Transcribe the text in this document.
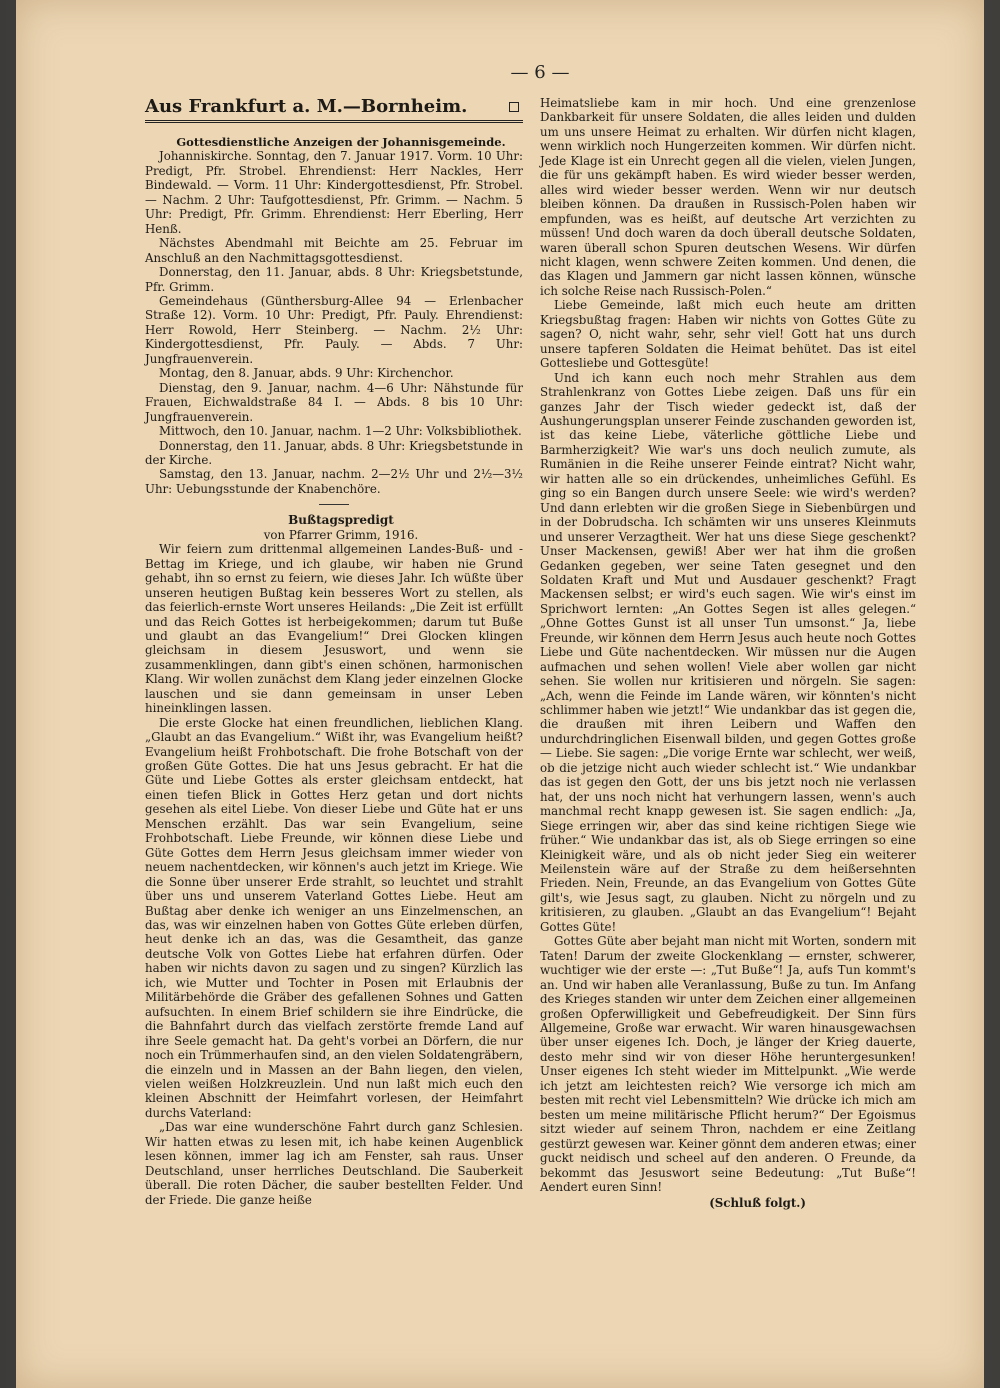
— 6 —
Aus Frankfurt a. M.—Bornheim.

Gottesdienstliche Anzeigen der Johannisgemeinde.

Johanniskirche. Sonntag, den 7. Januar 1917. Vorm. 10 Uhr: Predigt, Pfr. Strobel. Ehrendienst: Herr Nackles, Herr Bindewald. — Vorm. 11 Uhr: Kindergottesdienst, Pfr. Strobel. — Nachm. 2 Uhr: Taufgottesdienst, Pfr. Grimm. — Nachm. 5 Uhr: Predigt, Pfr. Grimm. Ehrendienst: Herr Eberling, Herr Henß.

Nächstes Abendmahl mit Beichte am 25. Februar im Anschluß an den Nachmittagsgottesdienst.

Donnerstag, den 11. Januar, abds. 8 Uhr: Kriegsbetstunde, Pfr. Grimm.

Gemeindehaus (Günthersburg-Allee 94 — Erlenbacher Straße 12). Vorm. 10 Uhr: Predigt, Pfr. Pauly. Ehrendienst: Herr Rowold, Herr Steinberg. — Nachm. 2½ Uhr: Kindergottesdienst, Pfr. Pauly. — Abds. 7 Uhr: Jungfrauenverein.

Montag, den 8. Januar, abds. 9 Uhr: Kirchenchor.

Dienstag, den 9. Januar, nachm. 4—6 Uhr: Nähstunde für Frauen, Eichwaldstraße 84 I. — Abds. 8 bis 10 Uhr: Jungfrauenverein.

Mittwoch, den 10. Januar, nachm. 1—2 Uhr: Volksbibliothek.

Donnerstag, den 11. Januar, abds. 8 Uhr: Kriegsbetstunde in der Kirche.

Samstag, den 13. Januar, nachm. 2—2½ Uhr und 2½—3½ Uhr: Uebungsstunde der Knabenchöre.

Bußtagspredigt

von Pfarrer Grimm, 1916.

Wir feiern zum drittenmal allgemeinen Landes-Buß- und -Bettag im Kriege, und ich glaube, wir haben nie Grund gehabt, ihn so ernst zu feiern, wie dieses Jahr. Ich wüßte über unseren heutigen Bußtag kein besseres Wort zu stellen, als das feierlich-ernste Wort unseres Heilands: „Die Zeit ist erfüllt und das Reich Gottes ist herbeigekommen; darum tut Buße und glaubt an das Evangelium!“ Drei Glocken klingen gleichsam in diesem Jesuswort, und wenn sie zusammenklingen, dann gibt's einen schönen, harmonischen Klang. Wir wollen zunächst dem Klang jeder einzelnen Glocke lauschen und sie dann gemeinsam in unser Leben hineinklingen lassen.

Die erste Glocke hat einen freundlichen, lieblichen Klang. „Glaubt an das Evangelium.“ Wißt ihr, was Evangelium heißt? Evangelium heißt Frohbotschaft. Die frohe Botschaft von der großen Güte Gottes. Die hat uns Jesus gebracht. Er hat die Güte und Liebe Gottes als erster gleichsam entdeckt, hat einen tiefen Blick in Gottes Herz getan und dort nichts gesehen als eitel Liebe. Von dieser Liebe und Güte hat er uns Menschen erzählt. Das war sein Evangelium, seine Frohbotschaft. Liebe Freunde, wir können diese Liebe und Güte Gottes dem Herrn Jesus gleichsam immer wieder von neuem nachentdecken, wir können's auch jetzt im Kriege. Wie die Sonne über unserer Erde strahlt, so leuchtet und strahlt über uns und unserem Vaterland Gottes Liebe. Heut am Bußtag aber denke ich weniger an uns Einzelmenschen, an das, was wir einzelnen haben von Gottes Güte erleben dürfen, heut denke ich an das, was die Gesamtheit, das ganze deutsche Volk von Gottes Liebe hat erfahren dürfen. Oder haben wir nichts davon zu sagen und zu singen? Kürzlich las ich, wie Mutter und Tochter in Posen mit Erlaubnis der Militärbehörde die Gräber des gefallenen Sohnes und Gatten aufsuchten. In einem Brief schildern sie ihre Eindrücke, die die Bahnfahrt durch das vielfach zerstörte fremde Land auf ihre Seele gemacht hat. Da geht's vorbei an Dörfern, die nur noch ein Trümmerhaufen sind, an den vielen Soldatengräbern, die einzeln und in Massen an der Bahn liegen, den vielen, vielen weißen Holzkreuzlein. Und nun laßt mich euch den kleinen Abschnitt der Heimfahrt vorlesen, der Heimfahrt durchs Vaterland:

„Das war eine wunderschöne Fahrt durch ganz Schlesien. Wir hatten etwas zu lesen mit, ich habe keinen Augenblick lesen können, immer lag ich am Fenster, sah raus. Unser Deutschland, unser herrliches Deutschland. Die Sauberkeit überall. Die roten Dächer, die sauber bestellten Felder. Und der Friede. Die ganze heiße

Heimatsliebe kam in mir hoch. Und eine grenzenlose Dankbarkeit für unsere Soldaten, die alles leiden und dulden um uns unsere Heimat zu erhalten. Wir dürfen nicht klagen, wenn wirklich noch Hungerzeiten kommen. Wir dürfen nicht. Jede Klage ist ein Unrecht gegen all die vielen, vielen Jungen, die für uns gekämpft haben. Es wird wieder besser werden, alles wird wieder besser werden. Wenn wir nur deutsch bleiben können. Da draußen in Russisch-Polen haben wir empfunden, was es heißt, auf deutsche Art verzichten zu müssen! Und doch waren da doch überall deutsche Soldaten, waren überall schon Spuren deutschen Wesens. Wir dürfen nicht klagen, wenn schwere Zeiten kommen. Und denen, die das Klagen und Jammern gar nicht lassen können, wünsche ich solche Reise nach Russisch-Polen.“

Liebe Gemeinde, laßt mich euch heute am dritten Kriegsbußtag fragen: Haben wir nichts von Gottes Güte zu sagen? O, nicht wahr, sehr, sehr viel! Gott hat uns durch unsere tapferen Soldaten die Heimat behütet. Das ist eitel Gottesliebe und Gottesgüte!

Und ich kann euch noch mehr Strahlen aus dem Strahlenkranz von Gottes Liebe zeigen. Daß uns für ein ganzes Jahr der Tisch wieder gedeckt ist, daß der Aushungerungsplan unserer Feinde zuschanden geworden ist, ist das keine Liebe, väterliche göttliche Liebe und Barmherzigkeit? Wie war's uns doch neulich zumute, als Rumänien in die Reihe unserer Feinde eintrat? Nicht wahr, wir hatten alle so ein drückendes, unheimliches Gefühl. Es ging so ein Bangen durch unsere Seele: wie wird's werden? Und dann erlebten wir die großen Siege in Siebenbürgen und in der Dobrudscha. Ich schämten wir uns unseres Kleinmuts und unserer Verzagtheit. Wer hat uns diese Siege geschenkt? Unser Mackensen, gewiß! Aber wer hat ihm die großen Gedanken gegeben, wer seine Taten gesegnet und den Soldaten Kraft und Mut und Ausdauer geschenkt? Fragt Mackensen selbst; er wird's euch sagen. Wie wir's einst im Sprichwort lernten: „An Gottes Segen ist alles gelegen.“ „Ohne Gottes Gunst ist all unser Tun umsonst.“ Ja, liebe Freunde, wir können dem Herrn Jesus auch heute noch Gottes Liebe und Güte nachentdecken. Wir müssen nur die Augen aufmachen und sehen wollen! Viele aber wollen gar nicht sehen. Sie wollen nur kritisieren und nörgeln. Sie sagen: „Ach, wenn die Feinde im Lande wären, wir könnten's nicht schlimmer haben wie jetzt!“ Wie undankbar das ist gegen die, die draußen mit ihren Leibern und Waffen den undurchdringlichen Eisenwall bilden, und gegen Gottes große — Liebe. Sie sagen: „Die vorige Ernte war schlecht, wer weiß, ob die jetzige nicht auch wieder schlecht ist.“ Wie undankbar das ist gegen den Gott, der uns bis jetzt noch nie verlassen hat, der uns noch nicht hat verhungern lassen, wenn's auch manchmal recht knapp gewesen ist. Sie sagen endlich: „Ja, Siege erringen wir, aber das sind keine richtigen Siege wie früher.“ Wie undankbar das ist, als ob Siege erringen so eine Kleinigkeit wäre, und als ob nicht jeder Sieg ein weiterer Meilenstein wäre auf der Straße zu dem heißersehnten Frieden. Nein, Freunde, an das Evangelium von Gottes Güte gilt's, wie Jesus sagt, zu glauben. Nicht zu nörgeln und zu kritisieren, zu glauben. „Glaubt an das Evangelium“! Bejaht Gottes Güte!

Gottes Güte aber bejaht man nicht mit Worten, sondern mit Taten! Darum der zweite Glockenklang — ernster, schwerer, wuchtiger wie der erste —: „Tut Buße“! Ja, aufs Tun kommt's an. Und wir haben alle Veranlassung, Buße zu tun. Im Anfang des Krieges standen wir unter dem Zeichen einer allgemeinen großen Opferwilligkeit und Gebefreudigkeit. Der Sinn fürs Allgemeine, Große war erwacht. Wir waren hinausgewachsen über unser eigenes Ich. Doch, je länger der Krieg dauerte, desto mehr sind wir von dieser Höhe heruntergesunken! Unser eigenes Ich steht wieder im Mittelpunkt. „Wie werde ich jetzt am leichtesten reich? Wie versorge ich mich am besten mit recht viel Lebensmitteln? Wie drücke ich mich am besten um meine militärische Pflicht herum?“ Der Egoismus sitzt wieder auf seinem Thron, nachdem er eine Zeitlang gestürzt gewesen war. Keiner gönnt dem anderen etwas; einer guckt neidisch und scheel auf den anderen. O Freunde, da bekommt das Jesuswort seine Bedeutung: „Tut Buße“! Aendert euren Sinn!

(Schluß folgt.)
